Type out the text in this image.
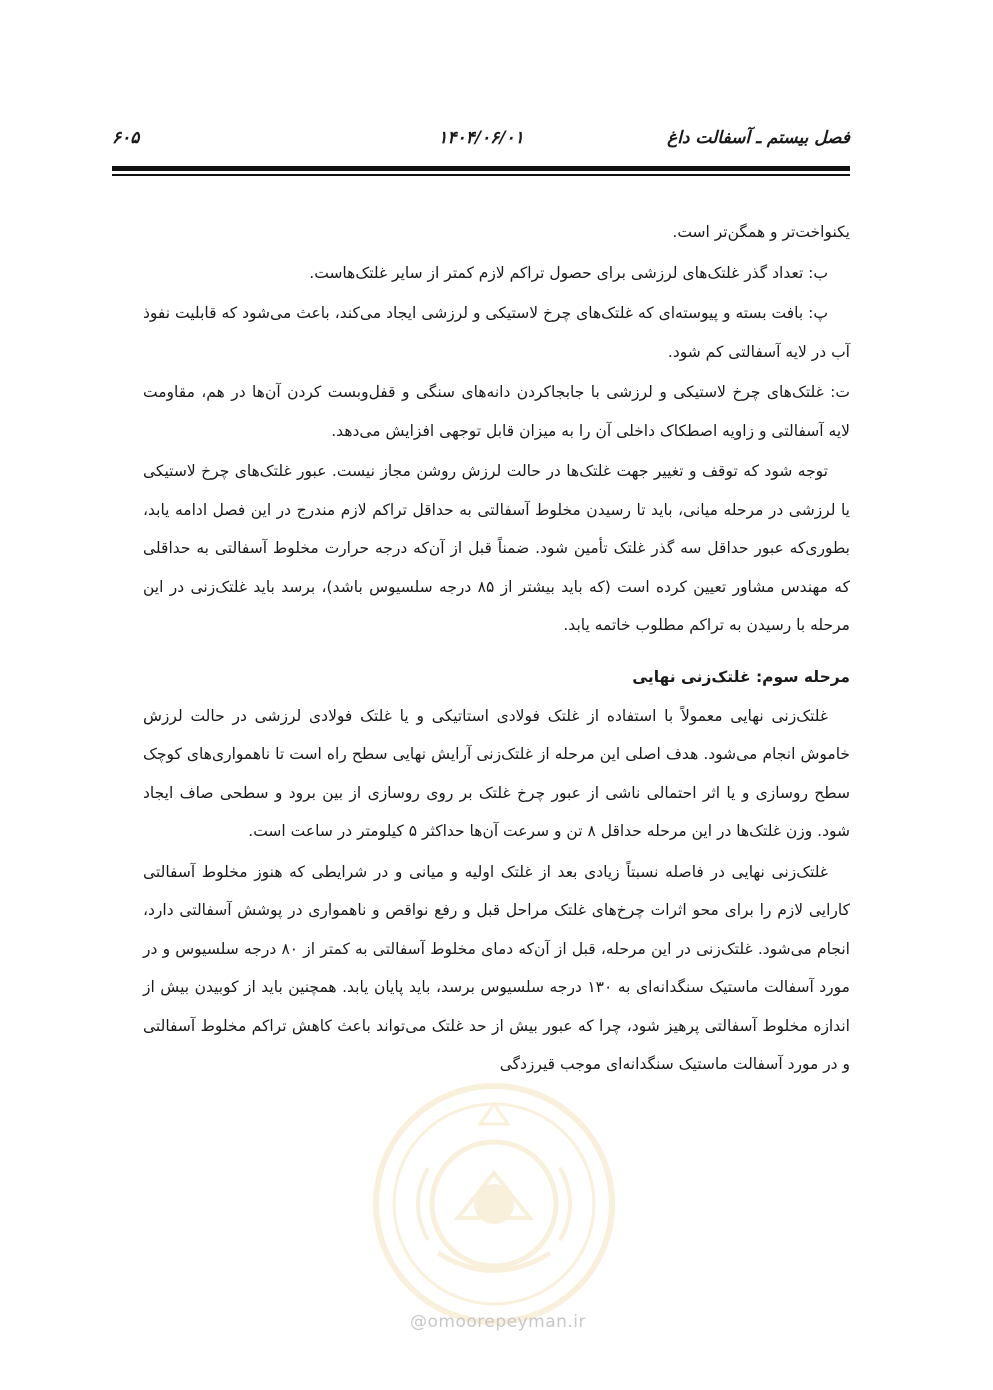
فصل بیستم ـ آسفالت داغ
۱۴۰۴/۰۶/۰۱
۶۰۵

یکنواخت‌تر و همگن‌تر است.

ب: تعداد گذر غلتک‌های لرزشی برای حصول تراکم لازم کمتر از سایر غلتک‌هاست.

پ: بافت بسته و پیوسته‌ای که غلتک‌های چرخ لاستیکی و لرزشی ایجاد می‌کند، باعث می‌شود که قابلیت نفوذ آب در لایه آسفالتی کم شود.

ت: غلتک‌های چرخ لاستیکی و لرزشی با جابجاکردن دانه‌های سنگی و قفل‌وبست کردن آن‌ها در هم، مقاومت لایه آسفالتی و زاویه اصطکاک داخلی آن را به میزان قابل توجهی افزایش می‌دهد.

توجه شود که توقف و تغییر جهت غلتک‌ها در حالت لرزش روشن مجاز نیست. عبور غلتک‌های چرخ لاستیکی یا لرزشی در مرحله میانی، باید تا رسیدن مخلوط آسفالتی به حداقل تراکم لازم مندرج در این فصل ادامه یابد، بطوری‌که عبور حداقل سه گذر غلتک تأمین شود. ضمناً قبل از آن‌که درجه حرارت مخلوط آسفالتی به حداقلی که مهندس مشاور تعیین کرده است (که باید بیشتر از ۸۵ درجه سلسیوس باشد)، برسد باید غلتک‌زنی در این مرحله با رسیدن به تراکم مطلوب خاتمه یابد.

مرحله سوم: غلتک‌زنی نهایی

غلتک‌زنی نهایی معمولاً با استفاده از غلتک فولادی استاتیکی و یا غلتک فولادی لرزشی در حالت لرزش خاموش انجام می‌شود. هدف اصلی این مرحله از غلتک‌زنی آرایش نهایی سطح راه است تا ناهمواری‌های کوچک سطح روسازی و یا اثر احتمالی ناشی از عبور چرخ غلتک بر روی روسازی از بین برود و سطحی صاف ایجاد شود. وزن غلتک‌ها در این مرحله حداقل ۸ تن و سرعت آن‌ها حداکثر ۵ کیلومتر در ساعت است.

غلتک‌زنی نهایی در فاصله نسبتاً زیادی بعد از غلتک اولیه و میانی و در شرایطی که هنوز مخلوط آسفالتی کارایی لازم را برای محو اثرات چرخ‌های غلتک مراحل قبل و رفع نواقص و ناهمواری در پوشش آسفالتی دارد، انجام می‌شود. غلتک‌زنی در این مرحله، قبل از آن‌که دمای مخلوط آسفالتی به کمتر از ۸۰ درجه سلسیوس و در مورد آسفالت ماستیک سنگدانه‌ای به ۱۳۰ درجه سلسیوس برسد، باید پایان یابد. همچنین باید از کوبیدن بیش از اندازه مخلوط آسفالتی پرهیز شود، چرا که عبور بیش از حد غلتک می‌تواند باعث کاهش تراکم مخلوط آسفالتی و در مورد آسفالت ماستیک سنگدانه‌ای موجب قیرزدگی

@omoorepeyman.ir
